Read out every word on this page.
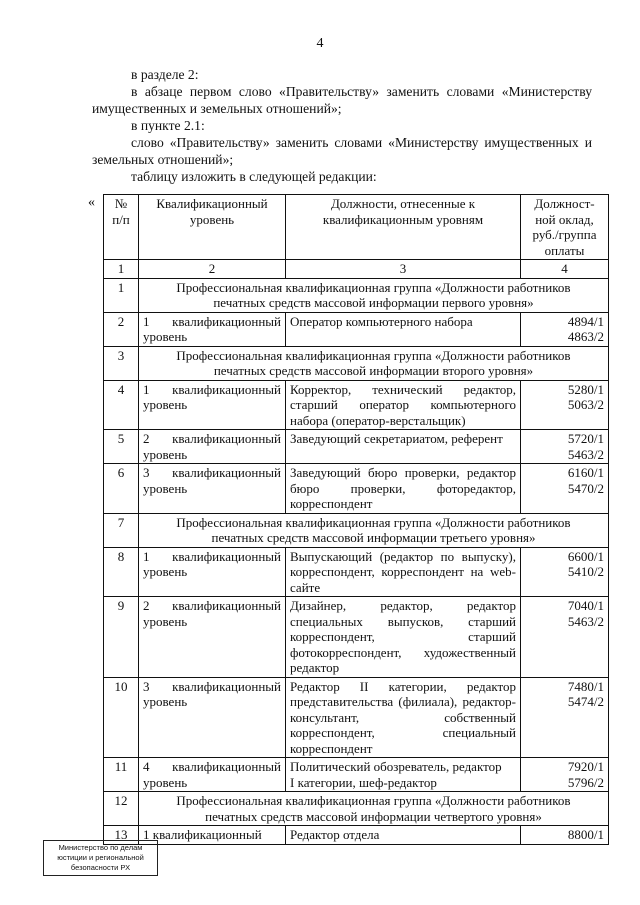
4

в разделе 2:

в абзаце первом слово «Правительству» заменить словами «Министерству

имущественных и земельных отношений»;

в пункте 2.1:

слово «Правительству» заменить словами «Министерству имущественных и

земельных отношений»;

таблицу изложить в следующей редакции:

« № п/п	Квалификационный уровень	Должности, отнесенные к квалификационным уровням	Должност-ной оклад, руб./группа оплаты
1	2	3	4
1	Профессиональная квалификационная группа «Должности работников печатных средств массовой информации первого уровня»		
2	1 квалификационный уровень	Оператор компьютерного набора	4894/1
4863/2
3	Профессиональная квалификационная группа «Должности работников печатных средств массовой информации второго уровня»		
4	1 квалификационный уровень	Корректор, технический редактор, старший оператор компьютерного набора (оператор-верстальщик)	5280/1
5063/2
5	2 квалификационный уровень	Заведующий секретариатом, референт	5720/1
5463/2
6	3 квалификационный уровень	Заведующий бюро проверки, редактор бюро проверки, фоторедактор, корреспондент	6160/1
5470/2
7	Профессиональная квалификационная группа «Должности работников печатных средств массовой информации третьего уровня»		
8	1 квалификационный уровень	Выпускающий (редактор по выпуску), корреспондент, корреспондент на web-сайте	6600/1
5410/2
9	2 квалификационный уровень	Дизайнер, редактор, редактор специальных выпусков, старший корреспондент, старший фотокорреспондент, художественный редактор	7040/1
5463/2
10	3 квалификационный уровень	Редактор II категории, редактор представительства (филиала), редактор-консультант, собственный корреспондент, специальный корреспондент	7480/1
5474/2
11	4 квалификационный уровень	Политический обозреватель, редактор
I категории, шеф-редактор	7920/1
5796/2
12	Профессиональная квалификационная группа «Должности работников печатных средств массовой информации четвертого уровня»		
13	1 квалификационный	Редактор отдела	8800/1
Министерство по делам
юстиции и региональной
безопасности РХ
